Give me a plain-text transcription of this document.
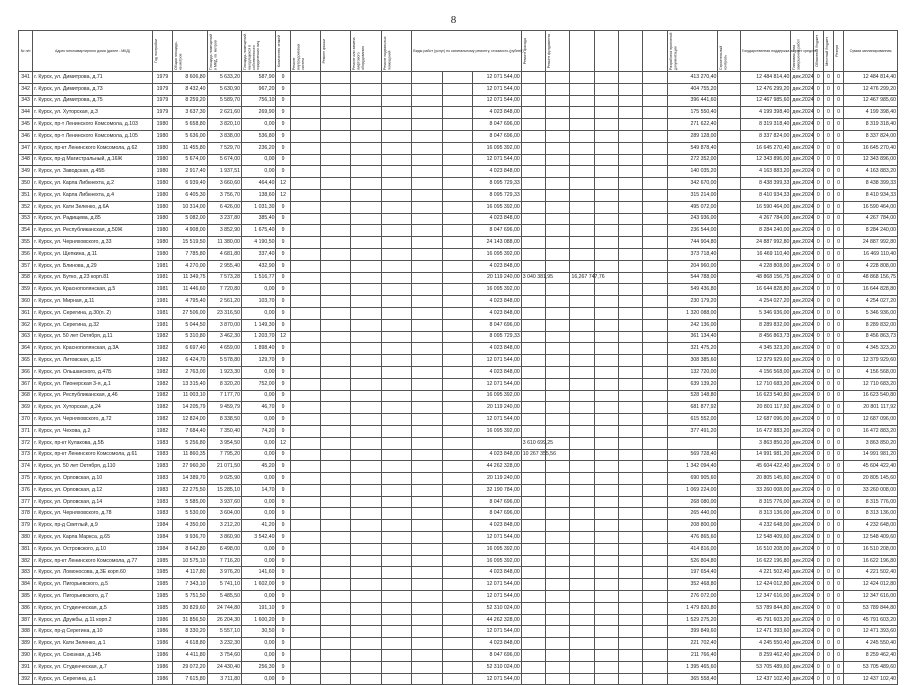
8
№ п/п	Адрес многоквартирного дома (далее - МКД)	Год постройки	Общая площадь, кв.метров	Площадь помещений в МКД, кв. метров	Площадь помещений, находящихся в собственности юридических лиц	Количество этажей	Ремонт внутридомовых систем	Ремонт крыши	Ремонт или замена лифтового оборудования	Ремонт подвальных помещений	Виды работ (услуг) по капитальному ремонту, стоимость (рублей)			Ремонт фасада	Ремонт фундамента					Разработка проектной документации	Строительный контроль	Государственная поддержка за счёт средств	Плановая дата завершения работ	Областной бюджет	Местный бюджет	Резерв	Сумма запланированная
341	г. Курск, ул. Димитрова, д.71	1979	8 606,80	5 633,20	587,90	9							12 071 544,00							413 270,40		12 484 814,40	дек.2024	0	0	0	12 484 814,40
342	г. Курск, ул. Димитрова, д.73	1979	8 432,40	5 630,90	967,20	9							12 071 544,00							404 755,20		12 476 299,20	дек.2024	0	0	0	12 476 299,20
343	г. Курск, ул. Димитрова, д.75	1979	8 259,20	5 589,70	756,10	9							12 071 544,00							396 441,60		12 467 985,60	дек.2024	0	0	0	12 467 985,60
344	г. Курск, ул. Хуторская, д.3	1979	3 637,30	2 621,60	269,90	9							4 023 848,00							175 550,40		4 199 398,40	дек.2024	0	0	0	4 199 398,40
345	г. Курск, пр-т Ленинского Комсомола, д.103	1980	5 658,80	3 820,10	0,00	9							8 047 696,00							271 622,40		8 319 318,40	дек.2024	0	0	0	8 319 318,40
346	г. Курск, пр-т Ленинского Комсомола, д.105	1980	5 636,00	3 838,00	536,80	9							8 047 696,00							289 128,00		8 337 824,00	дек.2024	0	0	0	8 337 824,00
347	г. Курск, пр-кт Ленинского Комсомола, д.62	1980	11 455,80	7 529,70	236,20	9							16 095 392,00							549 878,40		16 645 270,40	дек.2024	0	0	0	16 645 270,40
348	г. Курск, пр-д Магистральный, д.16Ж	1980	5 674,00	5 674,00	0,00	9							12 071 544,00							272 352,00		12 343 896,00	дек.2024	0	0	0	12 343 896,00
349	г. Курск, ул. Заводская, д.45Б	1980	2 917,40	1 937,51	0,00	9							4 023 848,00							140 035,20		4 163 883,20	дек.2024	0	0	0	4 163 883,20
350	г. Курск, ул. Карла Либкнехта, д.2	1980	6 939,40	3 660,60	464,40	12							8 095 729,33							342 670,00		8 438 399,33	дек.2024	0	0	0	8 438 399,33
351	г. Курск, ул. Карла Либкнехта, д.4	1980	6 405,30	3 756,70	138,60	12							8 095 729,33							315 214,00		8 410 934,33	дек.2024	0	0	0	8 410 934,33
352	г. Курск, ул. Кати Зеленко, д.6А	1980	10 314,00	6 426,00	1 031,30	9							16 095 392,00							495 072,00		16 590 464,00	дек.2024	0	0	0	16 590 464,00
353	г. Курск, ул. Радищева, д.85	1980	5 082,00	3 237,80	385,40	9							4 023 848,00							243 936,00		4 267 784,00	дек.2024	0	0	0	4 267 784,00
354	г. Курск, ул. Республиканская, д.50Ж	1980	4 908,00	3 852,90	1 675,40	9							8 047 696,00							236 544,00		8 284 240,00	дек.2024	0	0	0	8 284 240,00
355	г. Курск, ул. Черняховского, д.33	1980	15 519,50	11 380,00	4 190,50	9							24 143 088,00							744 904,80		24 887 992,80	дек.2024	0	0	0	24 887 992,80
356	г. Курск, ул. Щепкина, д.11	1980	7 785,80	4 681,80	337,40	9							16 095 392,00							373 718,40		16 469 110,40	дек.2024	0	0	0	16 469 110,40
357	г. Курск, ул. Блинова, д.29	1981	4 270,00	2 955,40	432,90	9							4 023 848,00							204 960,00		4 228 808,00	дек.2024	0	0	0	4 228 808,00
358	г. Курск, ул. Бутко, д.23 корп.81	1981	11 349,75	7 573,28	1 516,77	9							20 119 240,00	3 040 381,95		16,267 747,76				544 788,00		48 868 156,75	дек.2024	0	0	0	48 868 156,75
359	г. Курск, ул. Краснополянская, д.5	1981	11 446,60	7 720,80	0,00	9							16 095 392,00							549 436,80		16 644 828,80	дек.2024	0	0	0	16 644 828,80
360	г. Курск, ул. Мирная, д.11	1981	4 795,40	2 561,20	103,70	9							4 023 848,00							230 179,20		4 254 027,20	дек.2024	0	0	0	4 254 027,20
361	г. Курск, ул. Серегина, д.30(п. 2)	1981	27 506,00	23 316,50	0,00	9							4 023 848,00							1 320 088,00		5 346 936,00	дек.2024	0	0	0	5 346 936,00
362	г. Курск, ул. Серегина, д.32	1981	5 044,50	3 870,00	1 149,30	9							8 047 696,00							242 136,00		8 289 832,00	дек.2024	0	0	0	8 289 832,00
363	г. Курск, ул. 50 лет Октября, д.11	1982	5 310,80	3 462,30	1 203,70	12							8 095 729,33							361 134,40		8 456 863,73	дек.2024	0	0	0	8 456 863,73
364	г. Курск, ул. Краснополянская, д.3А	1982	6 697,40	4 659,00	1 898,40	9							4 023 848,00							321 475,20		4 345 323,20	дек.2024	0	0	0	4 345 323,20
365	г. Курск, ул. Литовская, д.15	1982	6 424,70	5 578,80	129,70	9							12 071 544,00							308 385,60		12 379 929,60	дек.2024	0	0	0	12 379 929,60
366	г. Курск, ул. Ольшанского, д.47Б	1982	2 763,00	1 923,30	0,00	9							4 023 848,00							132 720,00		4 156 568,00	дек.2024	0	0	0	4 156 568,00
367	г. Курск, ул. Пионерская 3-я, д.1	1982	13 315,40	8 320,20	752,00	9							12 071 544,00							639 139,20		12 710 683,20	дек.2024	0	0	0	12 710 683,20
368	г. Курск, ул. Республиканская, д.46	1982	11 003,10	7 177,70	0,00	9							16 095 392,00							528 148,80		16 623 540,80	дек.2024	0	0	0	16 623 540,80
369	г. Курск, ул. Хуторская, д.24	1982	14 205,79	9 459,79	46,70	9							20 119 240,00							681 877,92		20 801 117,92	дек.2024	0	0	0	20 801 117,92
370	г. Курск, ул. Черняховского, д.72	1982	12 824,00	8 338,50	0,00	9							12 071 544,00							615 552,00		12 687 096,00	дек.2024	0	0	0	12 687 096,00
371	г. Курск, ул. Чехова, д.2	1982	7 684,40	7 350,40	74,20	9							16 095 392,00							377 491,20		16 472 883,20	дек.2024	0	0	0	16 472 883,20
372	г. Курск, пр-кт Кулакова, д.5Б	1983	5 256,80	3 954,50	0,00	12								3 610 699,25								3 863 850,20	дек.2024	0	0	0	3 863 850,20
373	г. Курск, пр-кт Ленинского Комсомола, д.61	1983	11 860,35	7 795,20	0,00	9							4 023 848,00	10 267 355,56						569 728,40		14 991 981,20	дек.2024	0	0	0	14 991 981,20
374	г. Курск, ул. 50 лет Октября, д.110	1983	27 960,30	21 071,50	45,20	9							44 262 328,00							1 342 094,40		45 604 422,40	дек.2024	0	0	0	45 604 422,40
375	г. Курск, ул. Орловская, д.10	1983	14 389,70	9 025,90	0,00	9							20 119 240,00							690 905,60		20 805 145,60	дек.2024	0	0	0	20 805 145,60
376	г. Курск, ул. Орловская, д.12	1983	22 275,50	15 285,10	14,70	9							32 190 784,00							1 069 224,00		33 260 008,00	дек.2024	0	0	0	33 260 008,00
377	г. Курск, ул. Орловская, д.14	1983	5 585,00	3 937,60	0,00	9							8 047 696,00							268 080,00		8 315 776,00	дек.2024	0	0	0	8 315 776,00
378	г. Курск, ул. Черняховского, д.78	1983	5 530,00	3 604,00	0,00	9							8 047 696,00							265 440,00		8 313 136,00	дек.2024	0	0	0	8 313 136,00
379	г. Курск, пр-д Светлый, д.9	1984	4 350,00	3 212,20	41,20	9							4 023 848,00							208 800,00		4 232 648,00	дек.2024	0	0	0	4 232 648,00
380	г. Курск, ул. Карла Маркса, д.65	1984	9 936,70	3 860,90	3 542,40	9							12 071 544,00							476 865,60		12 548 409,60	дек.2024	0	0	0	12 548 409,60
381	г. Курск, ул. Островского, д.10	1984	8 642,80	6 498,00	0,00	9							16 095 392,00							414 816,00		16 510 208,00	дек.2024	0	0	0	16 510 208,00
382	г. Курск, пр-кт Ленинского Комсомола, д.77	1985	10 575,10	7 716,20	0,00	9							16 095 392,00							526 804,80		16 622 196,80	дек.2024	0	0	0	16 622 196,80
383	г. Курск, ул. Ломоносова, д.3Е корп.60	1985	4 117,80	3 976,20	141,60	9							4 023 848,00							197 654,40		4 221 502,40	дек.2024	0	0	0	4 221 502,40
384	г. Курск, ул. Пигорьевского, д.5	1985	7 343,10	5 741,10	1 602,00	9							12 071 544,00							352 468,80		12 424 012,80	дек.2024	0	0	0	12 424 012,80
385	г. Курск, ул. Пигорьевского, д.7	1985	5 751,50	5 485,50	0,00	9							12 071 544,00							276 072,00		12 347 616,00	дек.2024	0	0	0	12 347 616,00
386	г. Курск, ул. Студенческая, д.5	1985	30 829,60	24 744,80	191,10	9							52 310 024,00							1 479 820,80		53 789 844,80	дек.2024	0	0	0	53 789 844,80
387	г. Курск, ул. Дружбы, д.11 корп.2	1986	31 856,50	26 204,30	1 600,20	9							44 262 328,00							1 529 275,20		45 791 603,20	дек.2024	0	0	0	45 791 603,20
388	г. Курск, пр-д Серегина, д.10	1986	8 330,20	5 557,10	30,50	9							12 071 544,00							399 849,60		12 471 393,60	дек.2024	0	0	0	12 471 393,60
389	г. Курск, ул. Кати Зеленко, д.1	1986	4 618,80	3 232,30	0,00	9							4 023 848,00							221 702,40		4 245 550,40	дек.2024	0	0	0	4 245 550,40
390	г. Курск, ул. Союзная, д.14Б	1986	4 411,80	3 754,60	0,00	9							8 047 696,00							211 766,40		8 259 462,40	дек.2024	0	0	0	8 259 462,40
391	г. Курск, ул. Студенческая, д.7	1986	29 072,20	24 430,40	256,30	9							52 310 024,00							1 395 465,60		53 705 489,60	дек.2024	0	0	0	53 705 489,60
392	г. Курск, ул. Серегина, д.1	1986	7 615,80	3 711,80	0,00	9							12 071 544,00							365 558,40		12 437 102,40	дек.2024	0	0	0	12 437 102,40
